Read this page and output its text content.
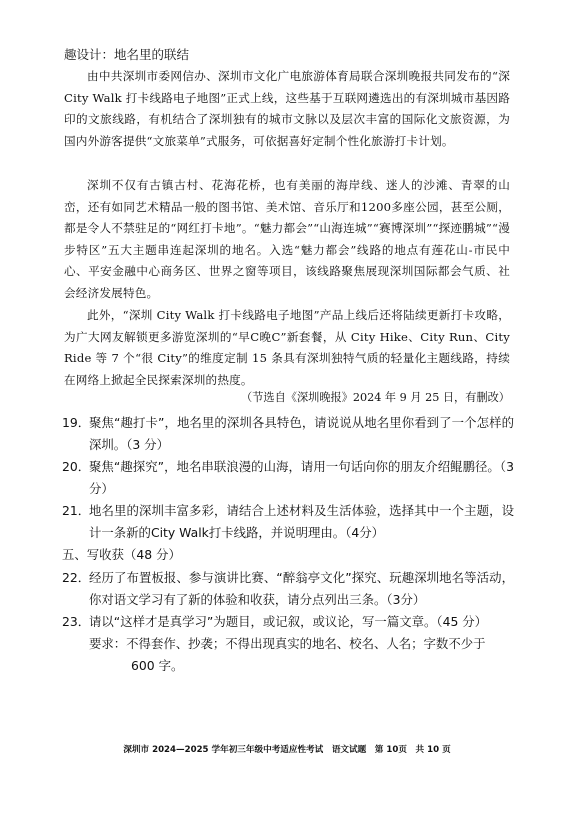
趣设计：地名里的联结
由中共深圳市委网信办、深圳市文化广电旅游体育局联合深圳晚报共同发布的“深 City Walk 打卡线路电子地图”正式上线，这些基于互联网遴选出的有深圳城市基因路印的文旅线路，有机结合了深圳独有的城市文脉以及层次丰富的国际化文旅资源，为国内外游客提供“文旅菜单”式服务，可依据喜好定制个性化旅游打卡计划。
深圳不仅有古镇古村、花海花桥，也有美丽的海岸线、迷人的沙滩、青翠的山峦，还有如同艺术精品一般的图书馆、美术馆、音乐厅和1200多座公园，甚至公厕，都是令人不禁驻足的“网红打卡地”。“魅力都会”“山海连城”“赛博深圳”“探迹鹏城”“漫步特区”五大主题串连起深圳的地名。入选“魅力都会”线路的地点有莲花山-市民中心、平安金融中心商务区、世界之窗等项目，该线路聚焦展现深圳国际都会气质、社会经济发展特色。
此外，“深圳 City Walk 打卡线路电子地图”产品上线后还将陆续更新打卡攻略，为广大网友解锁更多游览深圳的“早C晚C”新套餐，从 City Hike、City Run、City Ride 等 7 个“很 City”的维度定制 15 条具有深圳独特气质的轻量化主题线路，持续在网络上掀起全民探索深圳的热度。
（节选自《深圳晚报》2024 年 9 月 25 日，有删改）
19．
聚焦“趣打卡”，地名里的深圳各具特色，请说说从地名里你看到了一个怎样的深圳。（3 分）
20．
聚焦“趣探究”，地名串联浪漫的山海，请用一句话向你的朋友介绍鲲鹏径。（3分）
21．
地名里的深圳丰富多彩，请结合上述材料及生活体验，选择其中一个主题，设计一条新的City Walk打卡线路，并说明理由。（4分）
五、写收获（48 分）
22．
经历了布置板报、参与演讲比赛、“醉翁亭文化”探究、玩趣深圳地名等活动，你对语文学习有了新的体验和收获，请分点列出三条。（3分）
23．
请以“这样才是真学习”为题目，或记叙，或议论，写一篇文章。（45 分）
要求：不得套作、抄袭；不得出现真实的地名、校名、人名；字数不少于
600 字。
深圳市 2024—2025 学年初三年级中考适应性考试　语文试题　第 10页　共 10 页
